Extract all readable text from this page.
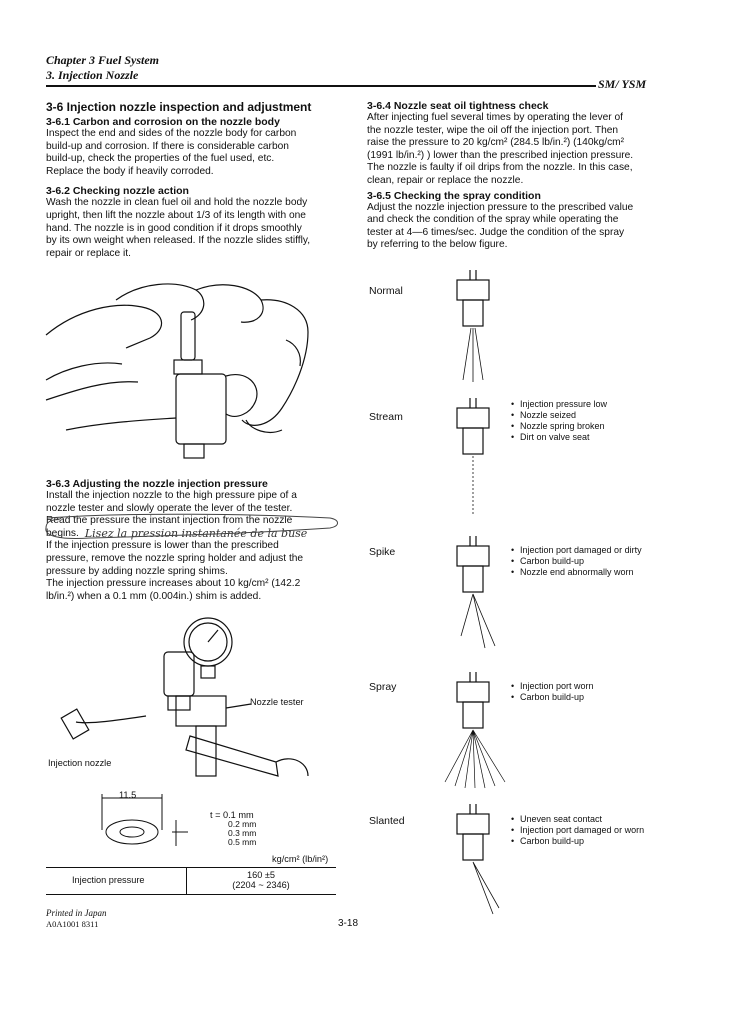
Chapter 3 Fuel System
3. Injection Nozzle
SM/ YSM
3-6 Injection nozzle inspection and adjustment
3-6.1 Carbon and corrosion on the nozzle body
Inspect the end and sides of the nozzle body for carbon
build-up and corrosion. If there is considerable carbon
build-up, check the properties of the fuel used, etc.
Replace the body if heavily corroded.
3-6.2 Checking nozzle action
Wash the nozzle in clean fuel oil and hold the nozzle body
upright, then lift the nozzle about 1/3 of its length with one
hand. The nozzle is in good condition if it drops smoothly
by its own weight when released. If the nozzle slides stiffly,
repair or replace it.
3-6.3 Adjusting the nozzle injection pressure
Install the injection nozzle to the high pressure pipe of a
nozzle tester and slowly operate the lever of the tester.
Read the pressure the instant injection from the nozzle
begins. Lisez la pression instantanée de la buse
If the injection pressure is lower than the prescribed
pressure, remove the nozzle spring holder and adjust the
pressure by adding nozzle spring shims.
The injection pressure increases about 10 kg/cm² (142.2
lb/in.²) when a 0.1 mm (0.004in.) shim is added.
Nozzle tester
Injection nozzle
11.5
t = 0.1 mm
0.2 mm
0.3 mm
0.5 mm
kg/cm² (lb/in²)
Injection pressure	160 ±5
(2204 ~ 2346)
3-6.4 Nozzle seat oil tightness check
After injecting fuel several times by operating the lever of
the nozzle tester, wipe the oil off the injection port. Then
raise the pressure to 20 kg/cm² (284.5 lb/in.²) (140kg/cm²
(1991 lb/in.²) ) lower than the prescribed injection pressure.
The nozzle is faulty if oil drips from the nozzle. In this case,
clean, repair or replace the nozzle.
3-6.5 Checking the spray condition
Adjust the nozzle injection pressure to the prescribed value
and check the condition of the spray while operating the
tester at 4—6 times/sec. Judge the condition of the spray
by referring to the below figure.
Normal
Stream
• Injection pressure low
• Nozzle seized
• Nozzle spring broken
• Dirt on valve seat
Spike	• Injection port damaged or dirty
• Carbon build-up
• Nozzle end abnormally worn
Spray	• Injection port worn
• Carbon build-up
Slanted	• Uneven seat contact
• Injection port damaged or worn
• Carbon build-up
Printed in Japan
A0A1001 8311	3-18
